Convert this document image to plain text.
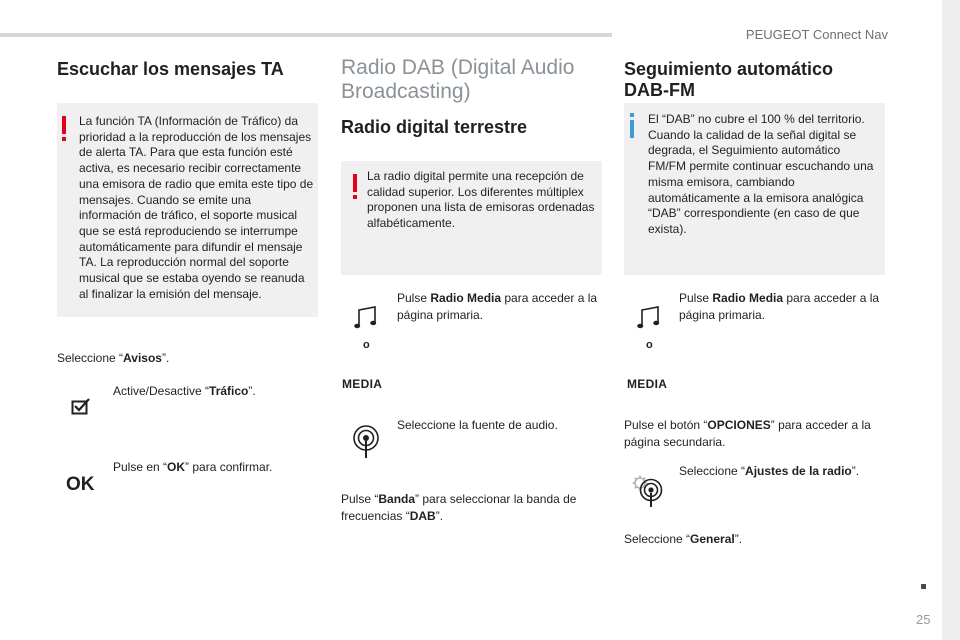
PEUGEOT Connect Nav
25
Escuchar los mensajes TA
La función TA (Información de Tráfico) da prioridad a la reproducción de los mensajes de alerta TA. Para que esta función esté activa, es necesario recibir correctamente una emisora de radio que emita este tipo de mensajes. Cuando se emite una información de tráfico, el soporte musical que se está reproduciendo se interrumpe automáticamente para difundir el mensaje TA. La reproducción normal del soporte musical que se estaba oyendo se reanuda al finalizar la emisión del mensaje.
Seleccione “Avisos”.
Active/Desactive “Tráfico”.
OK
Pulse en “OK” para confirmar.
Radio DAB (Digital Audio Broadcasting)
Radio digital terrestre
La radio digital permite una recepción de calidad superior. Los diferentes múltiplex proponen una lista de emisoras ordenadas alfabéticamente.
o
MEDIA
Pulse Radio Media para acceder a la página primaria.
Seleccione la fuente de audio.
Pulse “Banda” para seleccionar la banda de frecuencias “DAB”.
Seguimiento automático DAB-FM
El “DAB” no cubre el 100 % del territorio. Cuando la calidad de la señal digital se degrada, el Seguimiento automático FM/FM permite continuar escuchando una misma emisora, cambiando automáticamente a la emisora analógica “DAB” correspondiente (en caso de que exista).
o
MEDIA
Pulse Radio Media para acceder a la página primaria.
Pulse el botón “OPCIONES” para acceder a la página secundaria.
Seleccione “Ajustes de la radio”.
Seleccione “General”.
